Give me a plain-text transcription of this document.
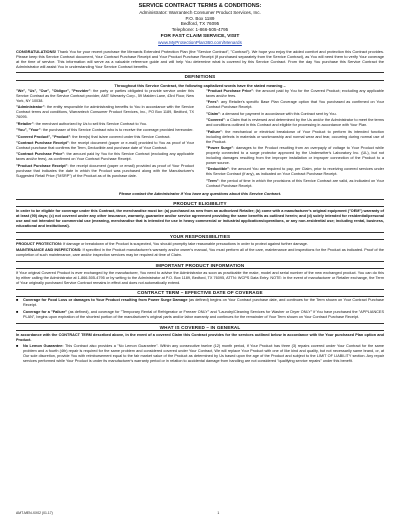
SERVICE CONTRACT TERMS & CONDITIONS:
Administrator: Warrantech Consumer Product Services, Inc.
P.O. Box 1189
Bedford, TX 76095
Telephone: 1-866-505-4795
FOR FAST CLAIM SERVICE, VISIT
www.MyProtectionPlan360.com/Menards

CONGRATULATIONS! Thank You for your recent purchase the Menards Extended Protection Plan (the "Service Contract", "Contract"). We hope you enjoy the added comfort and protection this Contract provides. Please keep this Service Contract document, Your Contract Purchase Receipt and Your Product Purchase Receipt (if purchased separately from the Service Contract), as You will need them to verify Your coverage at the time of service. This information will serve as a valuable reference guide and will help You determine what is covered by this Service Contract. From the day You purchase this Service Contract the Administrator will assist You in understanding Your Service Contract benefits.

DEFINITIONS
Throughout this Service Contract, the following capitalized words have the stated meaning –

"We", "Us", "Our", "Obligor", "Provider": the party or parties obligated to provide service under this Service Contract as the Service Contract provider, AMT Warranty Corp., 59 Maiden Lane, 43rd Floor, New York, NY 10038.

"Administrator": the entity responsible for administrating benefits to You in accordance with the Service Contract terms and conditions, Warrantech Consumer Product Services, Inc., PO Box 1189, Bedford, TX 76095.

"Retailer": the merchant authorized by Us to sell this Service Contract to You.

"You", "Your": the purchaser of this Service Contract who is to receive the coverage provided hereunder.

"Covered Product", "Product": the item(s) that is/are covered under this Service Contract.

"Contract Purchase Receipt": the receipt document (paper or e-mail) provided to You as proof of Your Contract purchase that confirms the Term, Deductible and purchase date of Your Contract.

"Contract Purchase Price": the amount paid by You for this Service Contract (excluding any applicable taxes and/or fees), as confirmed on Your Contract Purchase Receipt.

"Product Purchase Receipt": the receipt document (paper or email) provided as proof of Your Product purchase that indicates the date in which the Product was purchased along with the Manufacturer's Suggested Retail Price ("MSRP") of the Product as of its purchase date.

"Product Purchase Price": the amount paid by You for the Covered Product; excluding any applicable taxes and/or fees.

"Fees": any Retailer's specific Base Plan Coverage option that You purchased as confirmed on Your Contract Purchase Receipt.

"Claim": a demand for payment in accordance with this Contract sent by You.

"Covered": a Claim that is reviewed and determined by the Us and/or the Administrator to meet the terms and conditions outlined in this Contract and eligible for processing in accordance with Your Plan.

"Failure": the mechanical or electrical breakdown of Your Product to perform its intended function including defects in materials or workmanship and normal wear and tear, occurring during normal use of the Product.

"Power Surge": damages to the Product resulting from an overpayly of voltage to Your Product while properly connected to a surge protector approved by the Underwriter's Laboratory Inc. (UL), but not including damages resulting from the improper installation or improper connection of the Product to a power source.

"Deductible": the amount You are required to pay, per Claim, prior to receiving covered services under this Service Contract (if any), as indicated on Your Contract Purchase Receipt.

"Term": the period of time in which the provisions of this Service Contract are valid, as indicated on Your Contract Purchase Receipt.

Please contact the Administrator if You have any questions about this Service Contract.
PRODUCT ELIGIBILITY

In order to be eligible for coverage under this Contract, the merchandise must be: (a) purchased as new from an authorized Retailer; (b) come with a manufacturer's original equipment ("OEM") warranty of at least (90) days; (c) not covered under any other insurance, warranty, guarantee and/or service agreement providing the same benefits as outlined herein; and (d) solely intended for residential/personal use and not intended for commercial use (meaning, merchandise that is intended for use in heavy commercial or industrial applications/operations, or any non-residential use; including rental, business, educational and institutional).

YOUR RESPONSIBILITIES

PRODUCT PROTECTION: If damage or breakdown of the Product is suspected, You should promptly take reasonable precautions in order to protect against further damage.

MAINTENANCE AND INSPECTIONS: If specified in the Product manufacturer's warranty and/or owner's manual, You must perform all of the care, maintenance and inspections for the Product as indicated. Proof of the completion of such maintenance, care and/or inspection services may be required at time of Claim.

IMPORTANT PRODUCT INFORMATION

If Your original Covered Product is ever exchanged by the manufacturer, You need to advise the Administrator as soon as practicable the make, model and serial number of the new exchanged product. You can do this by either calling the Administrator at 1-866-505-4795 or by writing to the Administrator at P.O. Box 1189, Bedford, TX 76095, ATTN: WCPS Data Entry. NOTE: in the event of manufacturer or Retailer exchange, the Term of Your originally purchased Service Contract remains in effect and does not automatically extend.

CONTRACT TERM – EFFECTIVE DATE OF COVERAGE
■	Coverage for Food Loss or damages to Your Product resulting from Power Surge Damage (as defined) begins on Your Contract purchase date, and continues for the Term shown on Your Contract Purchase Receipt.
■	Coverage for a "Failure" (as defined), and coverage for "Temporary Rental of Refrigerator or Freezer ONLY" and "Laundry/Cleaning Services for Washer or Dryer ONLY" if You have purchased the "APPLIANCES PLAN", begins upon expiration of the shortest portion of the manufacturer's original parts and/or labor warranty and continues for the remainder of Your Term shown on Your Contract Purchase Receipt.
WHAT IS COVERED – IN GENERAL

In accordance with the CONTRACT TERM described above, in the event of a covered Claim this Contract provides for the services outlined below in accordance with the Your purchased Plan option and Product.

■	No Lemon Guarantee: This Contract also provides a "No Lemon Guarantee". Within any consecutive twelve (12) month period, if Your Product has three (3) repairs covered under Your Contract for the same problem and a fourth (4th) repair is required for the same problem and considered covered under Your Contract, We will replace Your Product with one of like kind and quality, but not necessarily same brand, or, at Our sole discretion, provide You with reimbursement equal to the fair market value of the Product as determined by Us based upon the age of the Product and subject to the LIMIT OF LIABILITY section. Any repair services performed while Your Product is under its manufacturer's warranty period or in relation to accidental damage from handling are not considered "qualifying service repairs" under this benefit.
AMT-MEN-XX02 (01.17)	1
